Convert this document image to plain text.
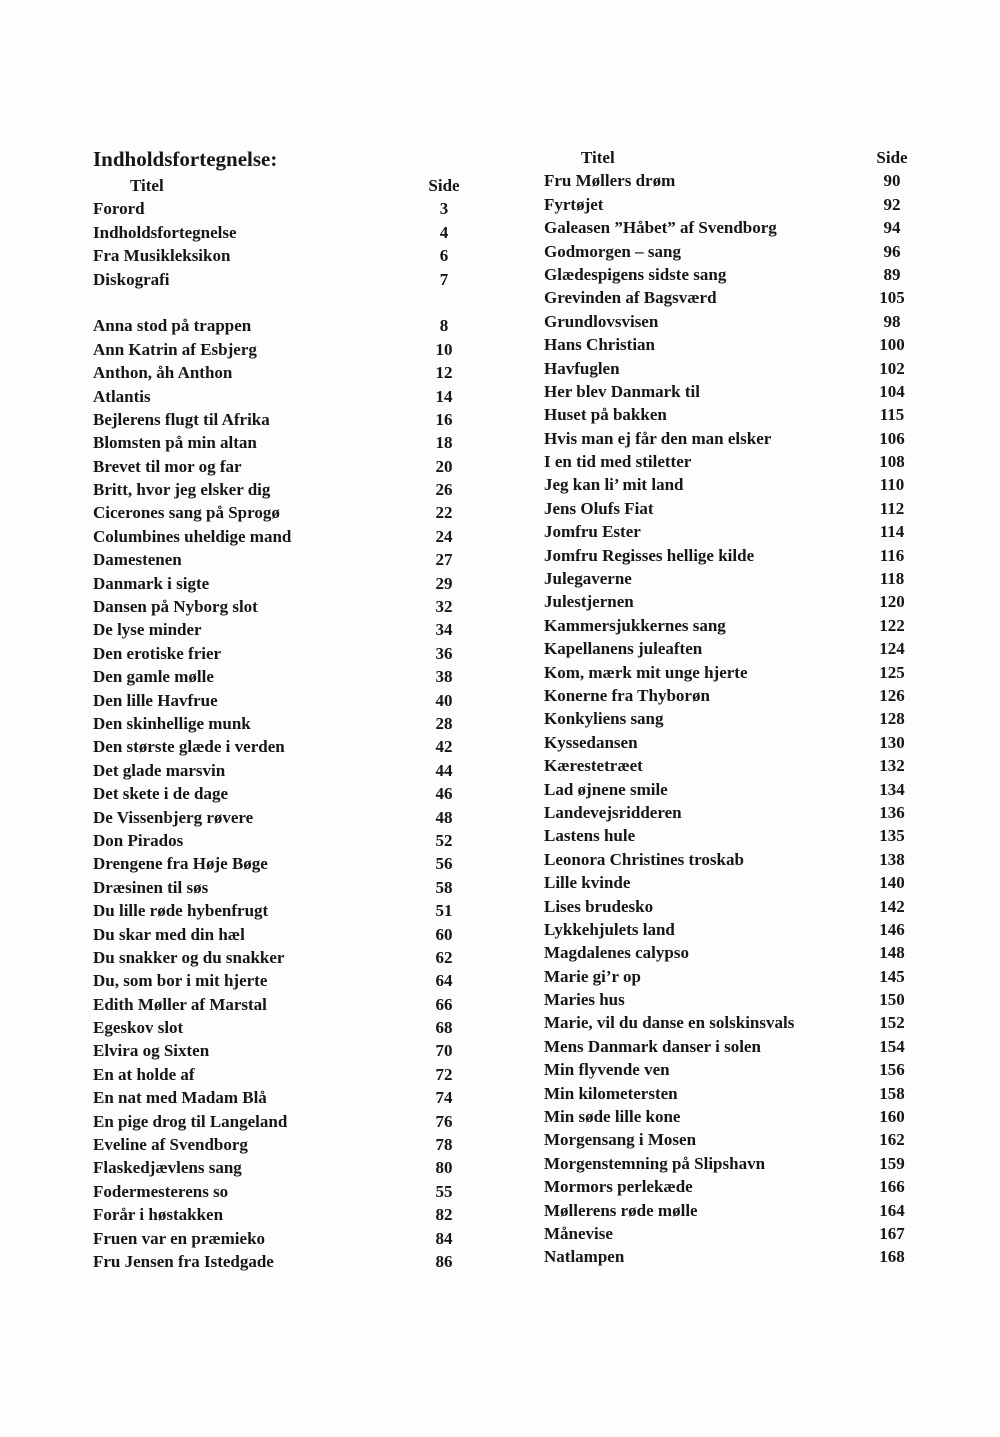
Indholdsfortegnelse:
Titel	Side
Forord	3
Indholdsfortegnelse	4
Fra Musikleksikon	6
Diskografi	7
Anna stod på trappen	8
Ann Katrin af Esbjerg	10
Anthon, åh Anthon	12
Atlantis	14
Bejlerens flugt til Afrika	16
Blomsten på min altan	18
Brevet til mor og far	20
Britt, hvor jeg elsker dig	26
Cicerones sang på Sprogø	22
Columbines uheldige mand	24
Damestenen	27
Danmark i sigte	29
Dansen på Nyborg slot	32
De lyse minder	34
Den erotiske frier	36
Den gamle mølle	38
Den lille Havfrue	40
Den skinhellige munk	28
Den største glæde i verden	42
Det glade marsvin	44
Det skete i de dage	46
De Vissenbjerg røvere	48
Don Pirados	52
Drengene fra Høje Bøge	56
Dræsinen til søs	58
Du lille røde hybenfrugt	51
Du skar med din hæl	60
Du snakker og du snakker	62
Du, som bor i mit hjerte	64
Edith Møller af Marstal	66
Egeskov slot	68
Elvira og Sixten	70
En at holde af	72
En nat med Madam Blå	74
En pige drog til Langeland	76
Eveline af Svendborg	78
Flaskedjævlens sang	80
Fodermesterens so	55
Forår i høstakken	82
Fruen var en præmieko	84
Fru Jensen fra Istedgade	86
Titel	Side
Fru Møllers drøm	90
Fyrtøjet	92
Galeasen ”Håbet” af Svendborg	94
Godmorgen – sang	96
Glædespigens sidste sang	89
Grevinden af Bagsværd	105
Grundlovsvisen	98
Hans Christian	100
Havfuglen	102
Her blev Danmark til	104
Huset på bakken	115
Hvis man ej får den man elsker	106
I en tid med stiletter	108
Jeg kan li’ mit land	110
Jens Olufs Fiat	112
Jomfru Ester	114
Jomfru Regisses hellige kilde	116
Julegaverne	118
Julestjernen	120
Kammersjukkernes sang	122
Kapellanens juleaften	124
Kom, mærk mit unge hjerte	125
Konerne fra Thyborøn	126
Konkyliens sang	128
Kyssedansen	130
Kærestetræet	132
Lad øjnene smile	134
Landevejsridderen	136
Lastens hule	135
Leonora Christines troskab	138
Lille kvinde	140
Lises brudesko	142
Lykkehjulets land	146
Magdalenes calypso	148
Marie gi’r op	145
Maries hus	150
Marie, vil du danse en solskinsvals	152
Mens Danmark danser i solen	154
Min flyvende ven	156
Min kilometersten	158
Min søde lille kone	160
Morgensang i Mosen	162
Morgenstemning på Slipshavn	159
Mormors perlekæde	166
Møllerens røde mølle	164
Månevise	167
Natlampen	168
